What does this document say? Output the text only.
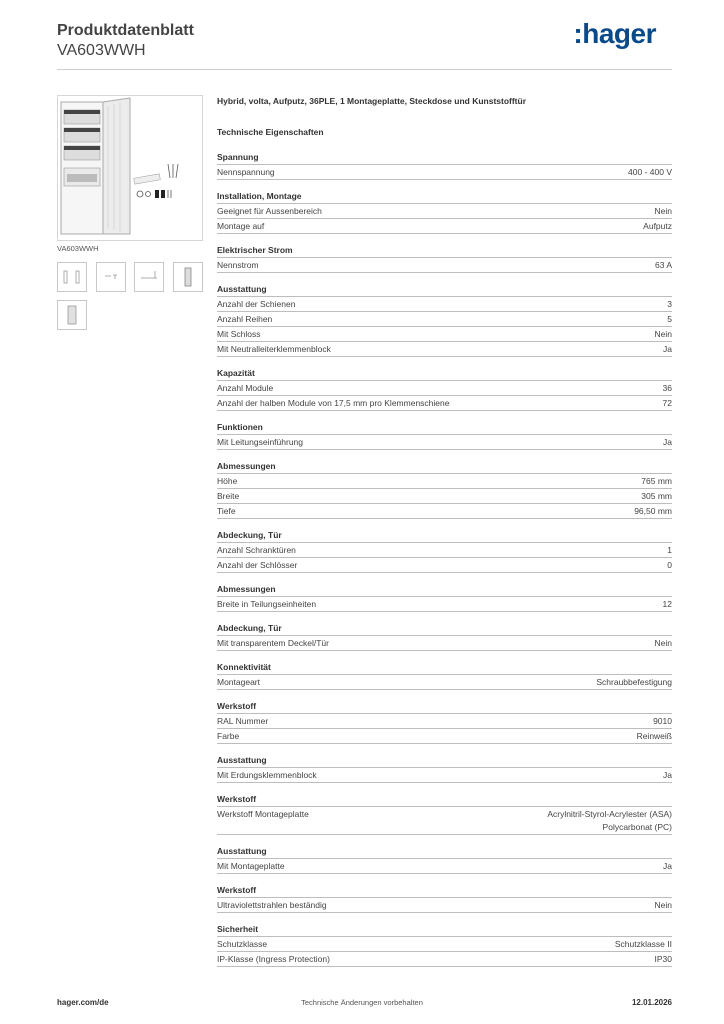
Produktdatenblatt
VA603WWH
:hager
VA603WWH
Hybrid, volta, Aufputz, 36PLE, 1 Montageplatte, Steckdose und Kunststofftür
Technische Eigenschaften
Spannung
Nennspannung	400 - 400 V
Installation, Montage
Geeignet für Aussenbereich	Nein
Montage auf	Aufputz
Elektrischer Strom
Nennstrom	63 A
Ausstattung
Anzahl der Schienen	3
Anzahl Reihen	5
Mit Schloss	Nein
Mit Neutralleiterklemmenblock	Ja
Kapazität
Anzahl Module	36
Anzahl der halben Module von 17,5 mm pro Klemmenschiene	72
Funktionen
Mit Leitungseinführung	Ja
Abmessungen
Höhe	765 mm
Breite	305 mm
Tiefe	96,50 mm
Abdeckung, Tür
Anzahl Schranktüren	1
Anzahl der Schlösser	0
Abmessungen
Breite in Teilungseinheiten	12
Abdeckung, Tür
Mit transparentem Deckel/Tür	Nein
Konnektivität
Montageart	Schraubbefestigung
Werkstoff
RAL Nummer	9010
Farbe	Reinweiß
Ausstattung
Mit Erdungsklemmenblock	Ja
Werkstoff
Werkstoff Montageplatte	Acrylnitril-Styrol-Acrylester (ASA)
Polycarbonat (PC)
Ausstattung
Mit Montageplatte	Ja
Werkstoff
Ultraviolettstrahlen beständig	Nein
Sicherheit
Schutzklasse	Schutzklasse II
IP-Klasse (Ingress Protection)	IP30
hager.com/de	Technische Änderungen vorbehalten	12.01.2026
